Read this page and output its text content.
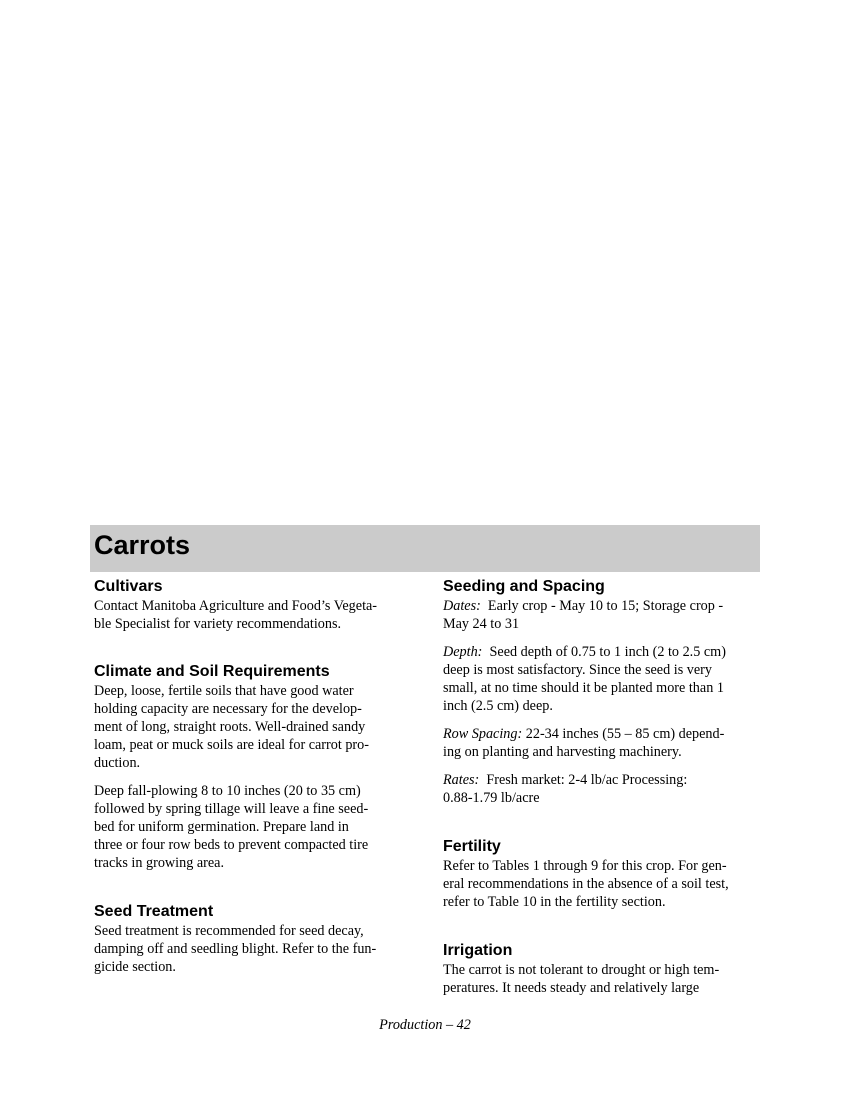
Carrots
Cultivars

Contact Manitoba Agriculture and Food’s Vegeta-
ble Specialist for variety recommendations.

Climate and Soil Requirements

Deep, loose, fertile soils that have good water
holding capacity are necessary for the develop-
ment of long, straight roots. Well-drained sandy
loam, peat or muck soils are ideal for carrot pro-
duction.

Deep fall-plowing 8 to 10 inches (20 to 35 cm)
followed by spring tillage will leave a fine seed-
bed for uniform germination. Prepare land in
three or four row beds to prevent compacted tire
tracks in growing area.

Seed Treatment

Seed treatment is recommended for seed decay,
damping off and seedling blight. Refer to the fun-
gicide section.

Seeding and Spacing

Dates: Early crop - May 10 to 15; Storage crop -
May 24 to 31

Depth: Seed depth of 0.75 to 1 inch (2 to 2.5 cm)
deep is most satisfactory. Since the seed is very
small, at no time should it be planted more than 1
inch (2.5 cm) deep.

Row Spacing: 22-34 inches (55 – 85 cm) depend-
ing on planting and harvesting machinery.

Rates: Fresh market: 2-4 lb/ac Processing:
0.88-1.79 lb/acre

Fertility

Refer to Tables 1 through 9 for this crop. For gen-
eral recommendations in the absence of a soil test,
refer to Table 10 in the fertility section.

Irrigation

The carrot is not tolerant to drought or high tem-
peratures. It needs steady and relatively large

Production – 42
